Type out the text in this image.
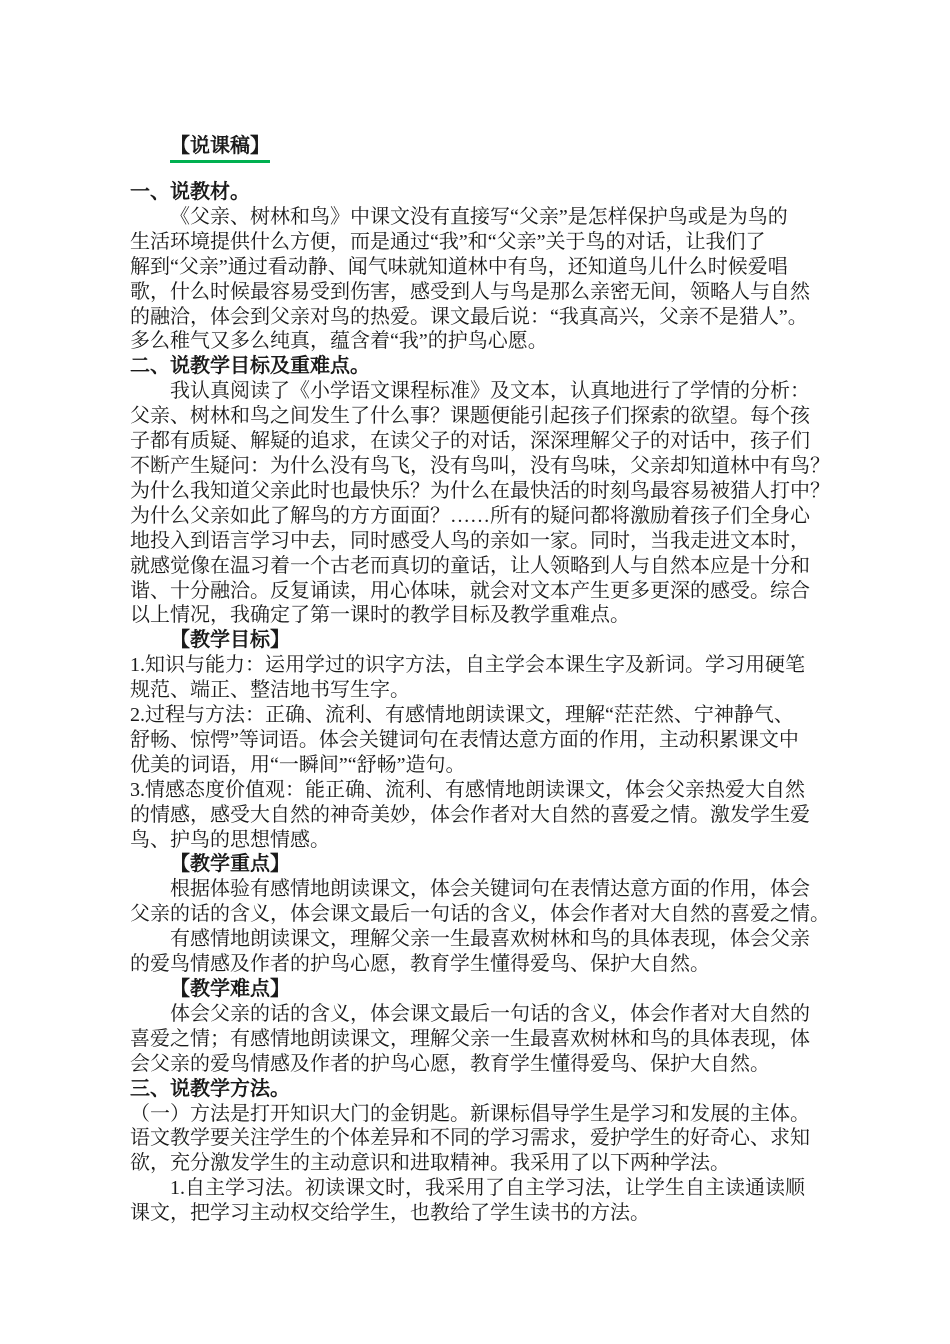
【说课稿】
一、说教材。
《父亲、树林和鸟》中课文没有直接写“父亲”是怎样保护鸟或是为鸟的
生活环境提供什么方便，而是通过“我”和“父亲”关于鸟的对话，让我们了
解到“父亲”通过看动静、闻气味就知道林中有鸟，还知道鸟儿什么时候爱唱
歌，什么时候最容易受到伤害，感受到人与鸟是那么亲密无间，领略人与自然
的融洽，体会到父亲对鸟的热爱。课文最后说：“我真高兴，父亲不是猎人”。
多么稚气又多么纯真，蕴含着“我”的护鸟心愿。
二、说教学目标及重难点。
我认真阅读了《小学语文课程标准》及文本，认真地进行了学情的分析：
父亲、树林和鸟之间发生了什么事？课题便能引起孩子们探索的欲望。每个孩
子都有质疑、解疑的追求，在读父子的对话，深深理解父子的对话中，孩子们
不断产生疑问：为什么没有鸟飞，没有鸟叫，没有鸟味，父亲却知道林中有鸟？
为什么我知道父亲此时也最快乐？为什么在最快活的时刻鸟最容易被猎人打中？
为什么父亲如此了解鸟的方方面面？……所有的疑问都将激励着孩子们全身心
地投入到语言学习中去，同时感受人鸟的亲如一家。同时，当我走进文本时，
就感觉像在温习着一个古老而真切的童话，让人领略到人与自然本应是十分和
谐、十分融洽。反复诵读，用心体味，就会对文本产生更多更深的感受。综合
以上情况，我确定了第一课时的教学目标及教学重难点。
【教学目标】
1.知识与能力：运用学过的识字方法，自主学会本课生字及新词。学习用硬笔
规范、端正、整洁地书写生字。
2.过程与方法：正确、流利、有感情地朗读课文，理解“茫茫然、宁神静气、
舒畅、惊愕”等词语。体会关键词句在表情达意方面的作用，主动积累课文中
优美的词语，用“一瞬间”“舒畅”造句。
3.情感态度价值观：能正确、流利、有感情地朗读课文，体会父亲热爱大自然
的情感，感受大自然的神奇美妙，体会作者对大自然的喜爱之情。激发学生爱
鸟、护鸟的思想情感。
【教学重点】
根据体验有感情地朗读课文，体会关键词句在表情达意方面的作用，体会
父亲的话的含义，体会课文最后一句话的含义，体会作者对大自然的喜爱之情。
有感情地朗读课文，理解父亲一生最喜欢树林和鸟的具体表现，体会父亲
的爱鸟情感及作者的护鸟心愿，教育学生懂得爱鸟、保护大自然。
【教学难点】
体会父亲的话的含义，体会课文最后一句话的含义，体会作者对大自然的
喜爱之情；有感情地朗读课文，理解父亲一生最喜欢树林和鸟的具体表现，体
会父亲的爱鸟情感及作者的护鸟心愿，教育学生懂得爱鸟、保护大自然。
三、说教学方法。
（一）方法是打开知识大门的金钥匙。新课标倡导学生是学习和发展的主体。
语文教学要关注学生的个体差异和不同的学习需求，爱护学生的好奇心、求知
欲，充分激发学生的主动意识和进取精神。我采用了以下两种学法。
1.自主学习法。初读课文时，我采用了自主学习法，让学生自主读通读顺
课文，把学习主动权交给学生，也教给了学生读书的方法。
